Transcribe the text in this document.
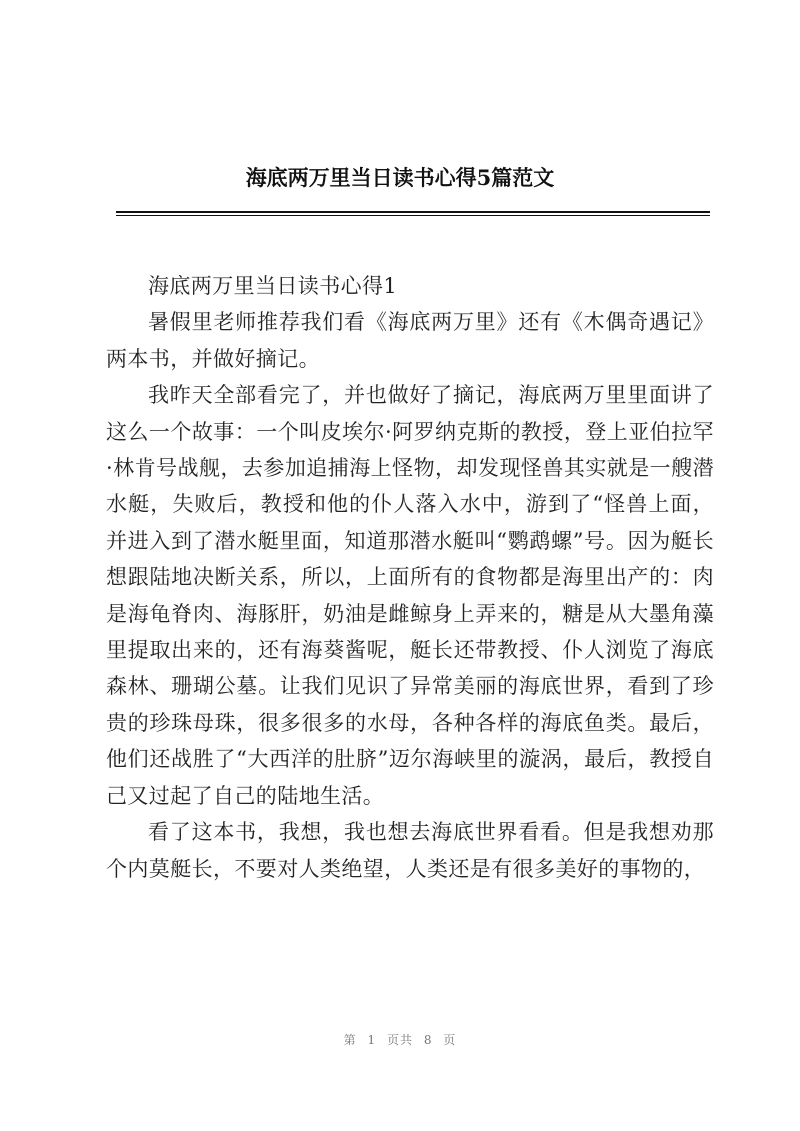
海底两万里当日读书心得5篇范文

海底两万里当日读书心得1

暑假里老师推荐我们看《海底两万里》还有《木偶奇遇记》两本书，并做好摘记。

我昨天全部看完了，并也做好了摘记，海底两万里里面讲了这么一个故事：一个叫皮埃尔·阿罗纳克斯的教授，登上亚伯拉罕·林肯号战舰，去参加追捕海上怪物，却发现怪兽其实就是一艘潜水艇，失败后，教授和他的仆人落入水中，游到了“怪兽上面，并进入到了潜水艇里面，知道那潜水艇叫“鹦鹉螺”号。因为艇长想跟陆地决断关系，所以，上面所有的食物都是海里出产的：肉是海龟脊肉、海豚肝，奶油是雌鲸身上弄来的，糖是从大墨角藻里提取出来的，还有海葵酱呢，艇长还带教授、仆人浏览了海底森林、珊瑚公墓。让我们见识了异常美丽的海底世界，看到了珍贵的珍珠母珠，很多很多的水母，各种各样的海底鱼类。最后，他们还战胜了“大西洋的肚脐”迈尔海峡里的漩涡，最后，教授自己又过起了自己的陆地生活。

看了这本书，我想，我也想去海底世界看看。但是我想劝那个内莫艇长，不要对人类绝望，人类还是有很多美好的事物的，

第 1 页共 8 页
